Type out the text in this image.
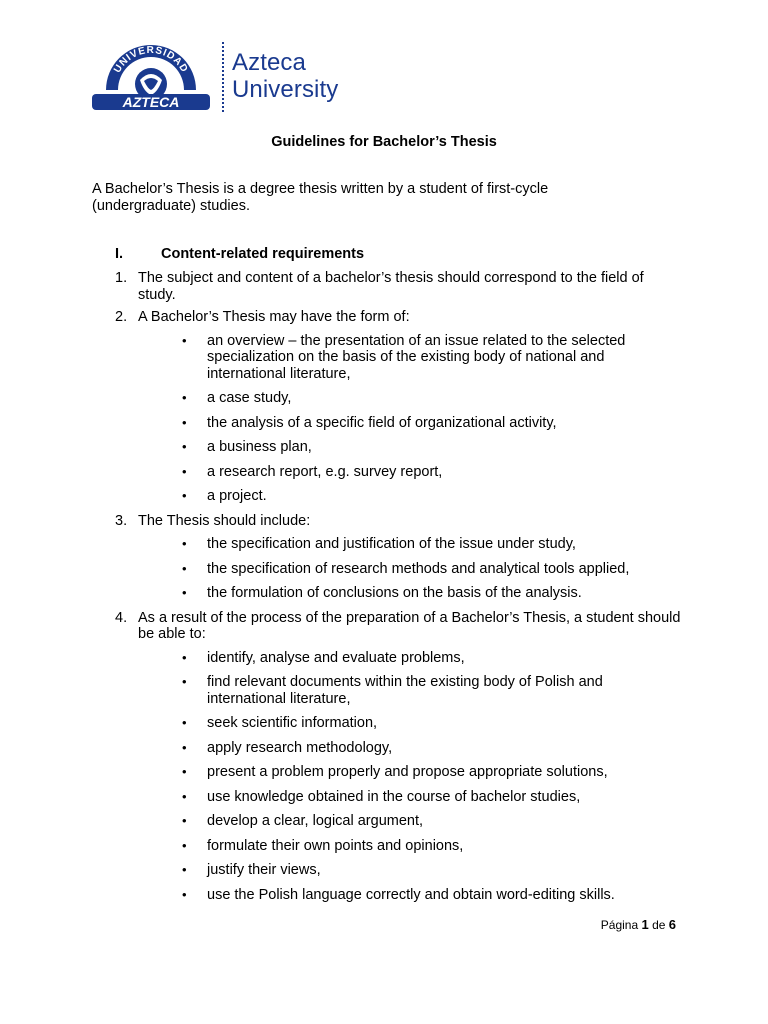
UNIVERSIDAD
AZTECA
Azteca
University
Guidelines for Bachelor’s Thesis
A Bachelor’s Thesis is a degree thesis written by a student of first-cycle (undergraduate) studies.
I.	Content-related requirements
1. The subject and content of a bachelor’s thesis should correspond to the field of study.
2. A Bachelor’s Thesis may have the form of:
•	an overview – the presentation of an issue related to the selected specialization on the basis of the existing body of national and international literature,
•	a case study,
•	the analysis of a specific field of organizational activity,
•	a business plan,
•	a research report, e.g. survey report,
•	a project.
3. The Thesis should include:
•	the specification and justification of the issue under study,
•	the specification of research methods and analytical tools applied,
•	the formulation of conclusions on the basis of the analysis.
4. As a result of the process of the preparation of a Bachelor’s Thesis, a student should be able to:
•	identify, analyse and evaluate problems,
•	find relevant documents within the existing body of Polish and international literature,
•	seek scientific information,
•	apply research methodology,
•	present a problem properly and propose appropriate solutions,
•	use knowledge obtained in the course of bachelor studies,
•	develop a clear, logical argument,
•	formulate their own points and opinions,
•	justify their views,
•	use the Polish language correctly and obtain word-editing skills.
Página 1 de 6
